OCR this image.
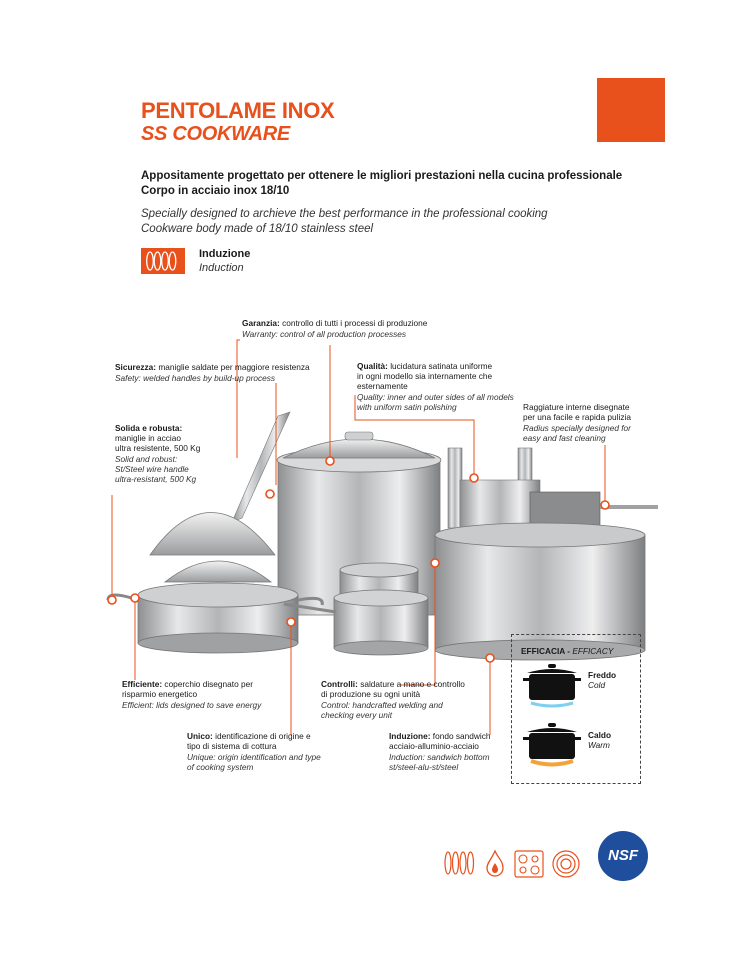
PENTOLAME INOX
SS COOKWARE
Appositamente progettato per ottenere le migliori prestazioni nella cucina professionale
Corpo in acciaio inox 18/10
Specially designed to archieve the best performance in the professional cooking
Cookware body made of 18/10 stainless steel
Induzione
Induction
Garanzia: controllo di tutti i processi di produzione
Warranty: control of all production processes
Sicurezza: maniglie saldate per maggiore resistenza
Safety: welded handles by build-up process
Qualità: lucidatura satinata uniforme
in ogni modello sia internamente che
esternamente
Quality: inner and outer sides of all models
with uniform satin polishing	Raggiature interne disegnate
per una facile e rapida pulizia
Radius specially designed for
easy and fast cleaning
Solida e robusta:
maniglie in acciao
ultra resistente, 500 Kg
Solid and robust:
St/Steel wire handle
ultra-resistant, 500 Kg
Efficiente: coperchio disegnato per
risparmio energetico
Efficient: lids designed to save energy
Controlli: saldature a mano e controllo
di produzione su ogni unità
Control: handcrafted welding and
checking every unit
Unico: identificazione di origine e
tipo di sistema di cottura
Unique: origin identification and type
of cooking system
Induzione: fondo sandwich
acciaio-alluminio-acciaio
Induction: sandwich bottom
st/steel-alu-st/steel
EFFICACIA - EFFICACY
Freddo
Cold
Caldo
Warm
NSF
